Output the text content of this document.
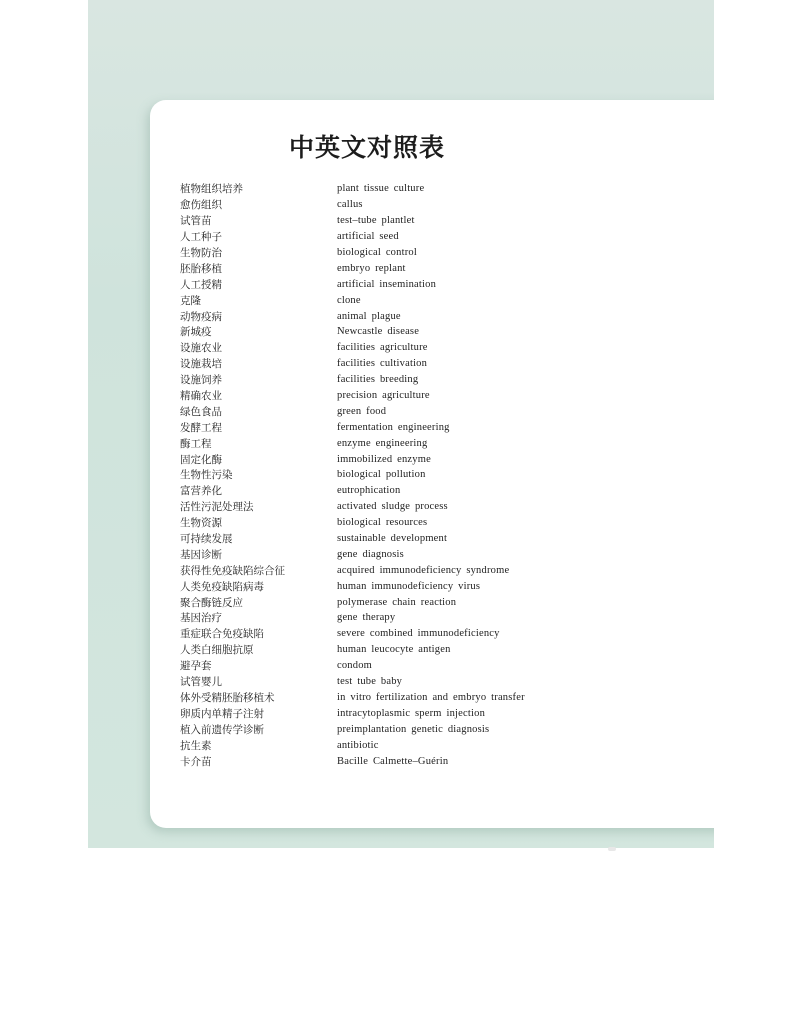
中英文对照表
植物组织培养	plant tissue culture
愈伤组织	callus
试管苗	test–tube plantlet
人工种子	artificial seed
生物防治	biological control
胚胎移植	embryo replant
人工授精	artificial insemination
克隆	clone
动物疫病	animal plague
新城疫	Newcastle disease
设施农业	facilities agriculture
设施栽培	facilities cultivation
设施饲养	facilities breeding
精确农业	precision agriculture
绿色食品	green food
发酵工程	fermentation engineering
酶工程	enzyme engineering
固定化酶	immobilized enzyme
生物性污染	biological pollution
富营养化	eutrophication
活性污泥处理法	activated sludge process
生物资源	biological resources
可持续发展	sustainable development
基因诊断	gene diagnosis
获得性免疫缺陷综合征	acquired immunodeficiency syndrome
人类免疫缺陷病毒	human immunodeficiency virus
聚合酶链反应	polymerase chain reaction
基因治疗	gene therapy
重症联合免疫缺陷	severe combined immunodeficiency
人类白细胞抗原	human leucocyte antigen
避孕套	condom
试管婴儿	test tube baby
体外受精胚胎移植术	in vitro fertilization and embryo transfer
卵质内单精子注射	intracytoplasmic sperm injection
植入前遗传学诊断	preimplantation genetic diagnosis
抗生素	antibiotic
卡介苗	Bacille Calmette–Guérin
